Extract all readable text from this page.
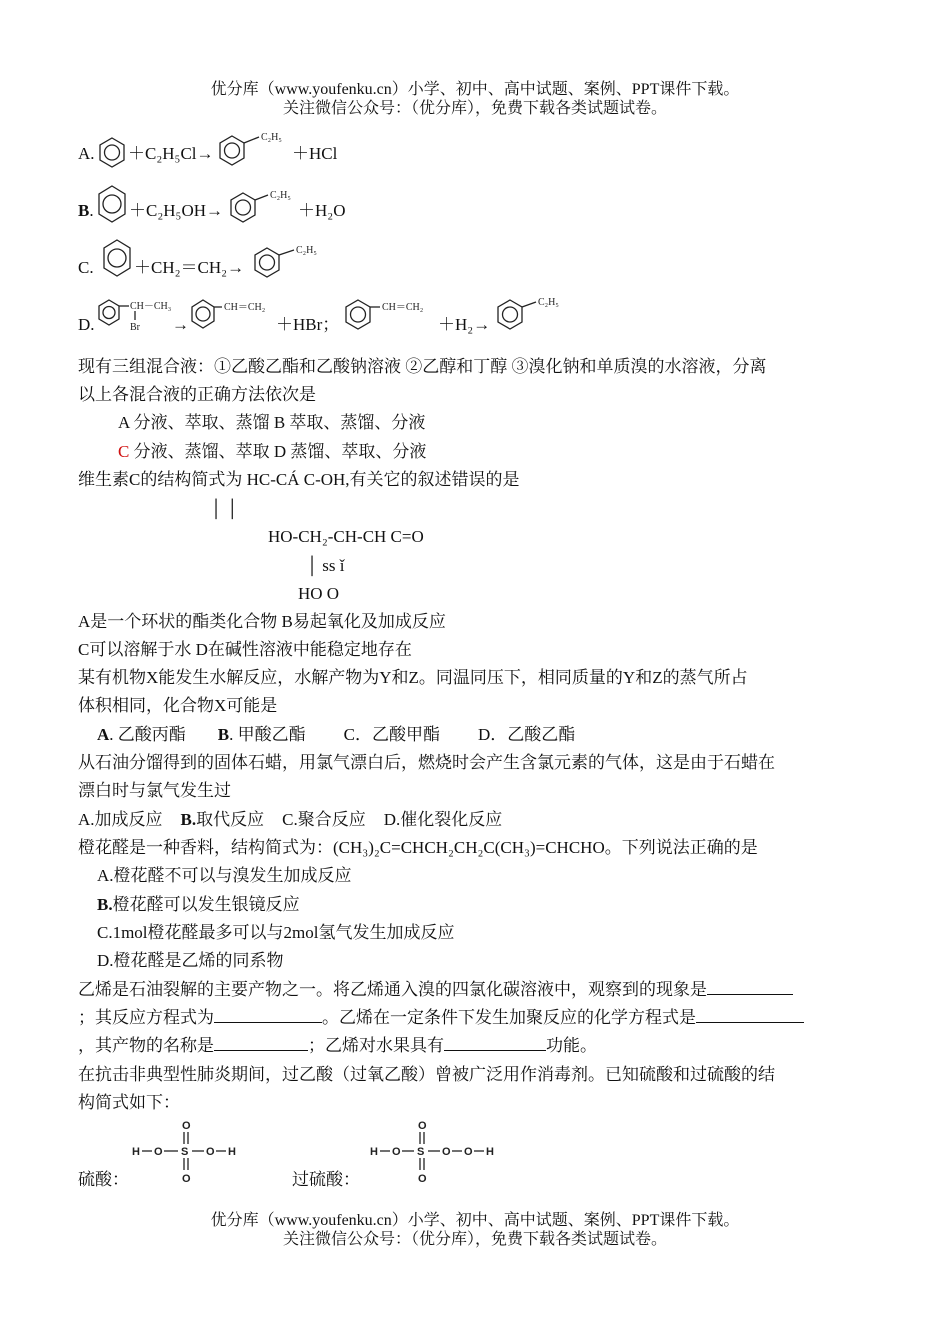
优分库（www.youfenku.cn）小学、初中、高中试题、案例、PPT课件下载。
关注微信公众号：（优分库），免费下载各类试题试卷。
A. ＋C₂H₅Cl→
C₂H₅
＋HCl
B. ＋C₂H₅OH→
C₂H₅
＋H₂O
C. ＋CH₂＝CH₂→
C₂H₅
D.
CH－CH₃
Br →
CH＝CH₂
＋HBr；
CH＝CH₂
＋H₂→
C₂H₅
现有三组混合液：①乙酸乙酯和乙酸钠溶液 ②乙醇和丁醇 ③溴化钠和单质溴的水溶液，分离
以上各混合液的正确方法依次是
A 分液、萃取、蒸馏 B 萃取、蒸馏、分液
C 分液、蒸馏、萃取 D 蒸馏、萃取、分液
维生素C的结构简式为 HC-CÁ C-OH,有关它的叙述错误的是
│ │
HO-CH₂-CH-CH C=O
│ ss ǐ
HO O
A是一个环状的酯类化合物 B易起氧化及加成反应
C可以溶解于水 D在碱性溶液中能稳定地存在
某有机物X能发生水解反应，水解产物为Y和Z。同温同压下，相同质量的Y和Z的蒸气所占
体积相同，化合物X可能是
A. 乙酸丙酯 B. 甲酸乙酯 C．乙酸甲酯 D．乙酸乙酯
从石油分馏得到的固体石蜡，用氯气漂白后，燃烧时会产生含氯元素的气体，这是由于石蜡在
漂白时与氯气发生过
A.加成反应 B.取代反应 C.聚合反应 D.催化裂化反应
橙花醛是一种香料，结构简式为：(CH₃)₂C=CHCH₂CH₂C(CH₃)=CHCHO。下列说法正确的是
A.橙花醛不可以与溴发生加成反应
B.橙花醛可以发生银镜反应
C.1mol橙花醛最多可以与2mol氢气发生加成反应
D.橙花醛是乙烯的同系物
乙烯是石油裂解的主要产物之一。将乙烯通入溴的四氯化碳溶液中，观察到的现象是
；其反应方程式为	。乙烯在一定条件下发生加聚反应的化学方程式是
，其产物的名称是	；乙烯对水果具有	功能。
在抗击非典型性肺炎期间，过乙酸（过氧乙酸）曾被广泛用作消毒剂。已知硫酸和过硫酸的结
构简式如下：
O
H O S O H
O
硫酸：
O
H O S O O H
O
过硫酸：
H－O－S－O－H	H－O－S－O－O－H
优分库（www.youfenku.cn）小学、初中、高中试题、案例、PPT课件下载。
关注微信公众号：（优分库），免费下载各类试题试卷。
